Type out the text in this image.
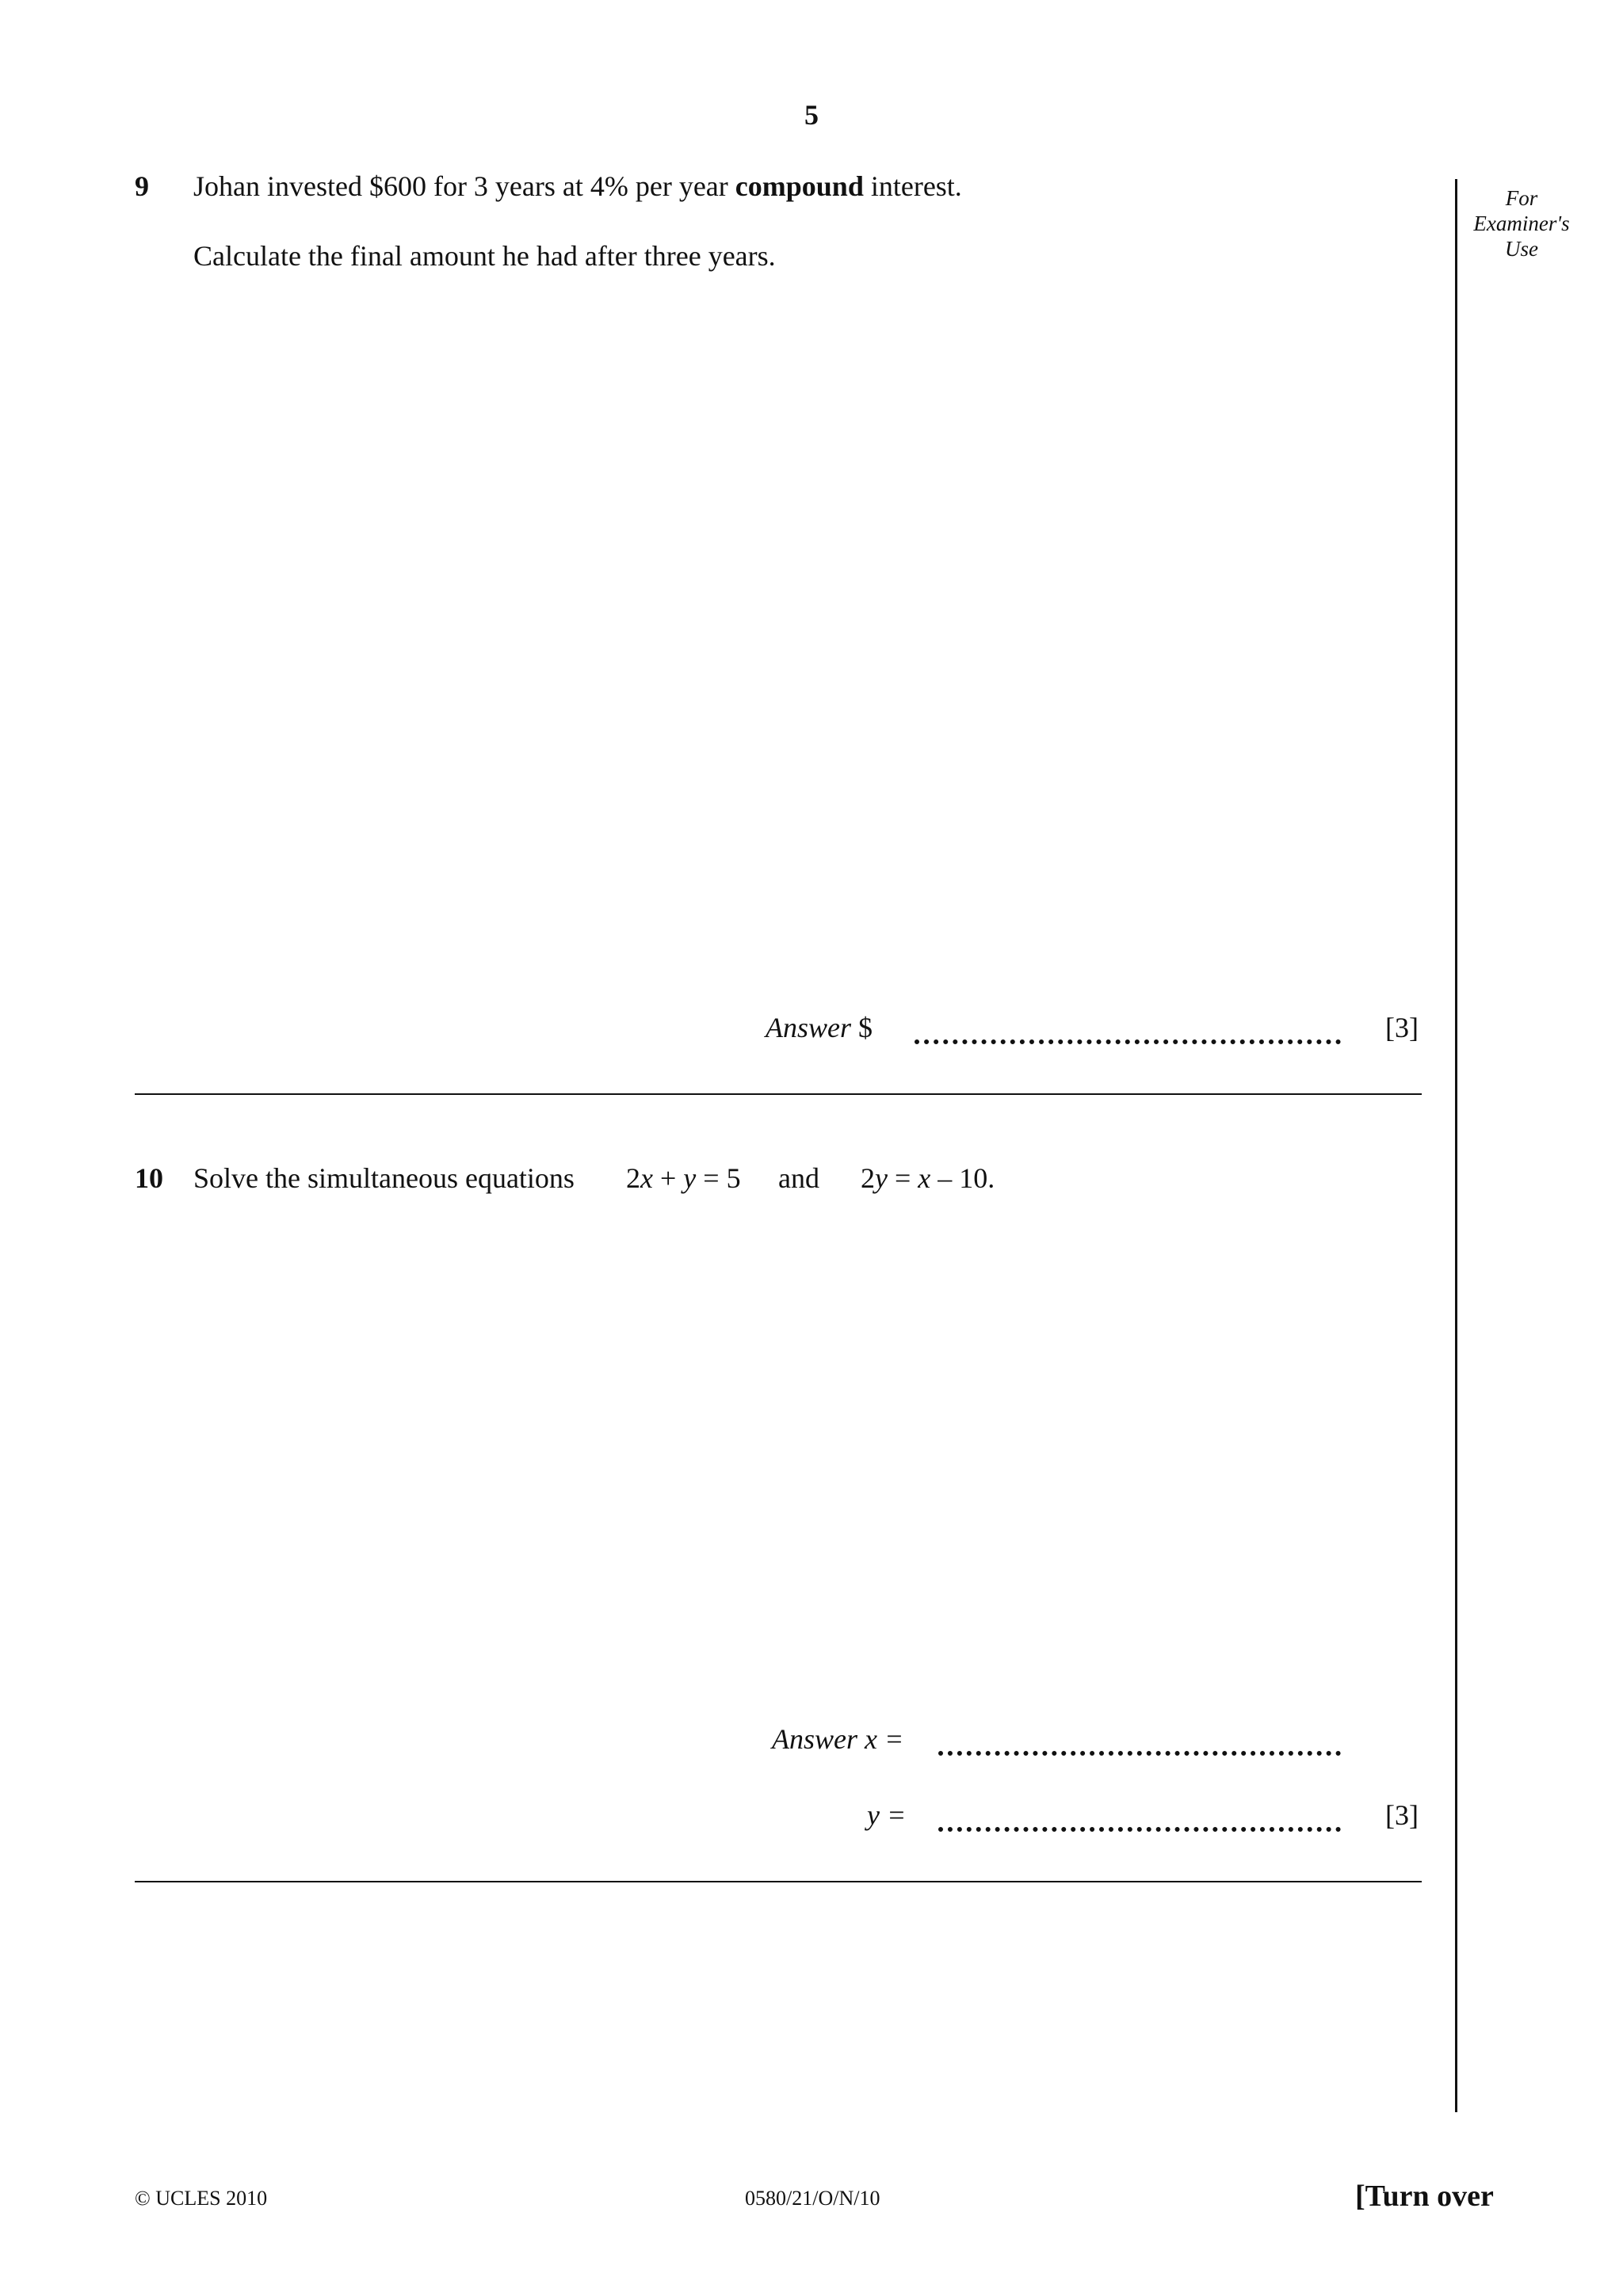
5
For
Examiner's
Use
9 Johan invested $600 for 3 years at 4% per year compound interest.
Calculate the final amount he had after three years.
Answer $	[3]
10 Solve the simultaneous equations 2x + y = 5 and 2y = x – 10.
Answer x =
y =	[3]
© UCLES 2010	0580/21/O/N/10	[Turn over
